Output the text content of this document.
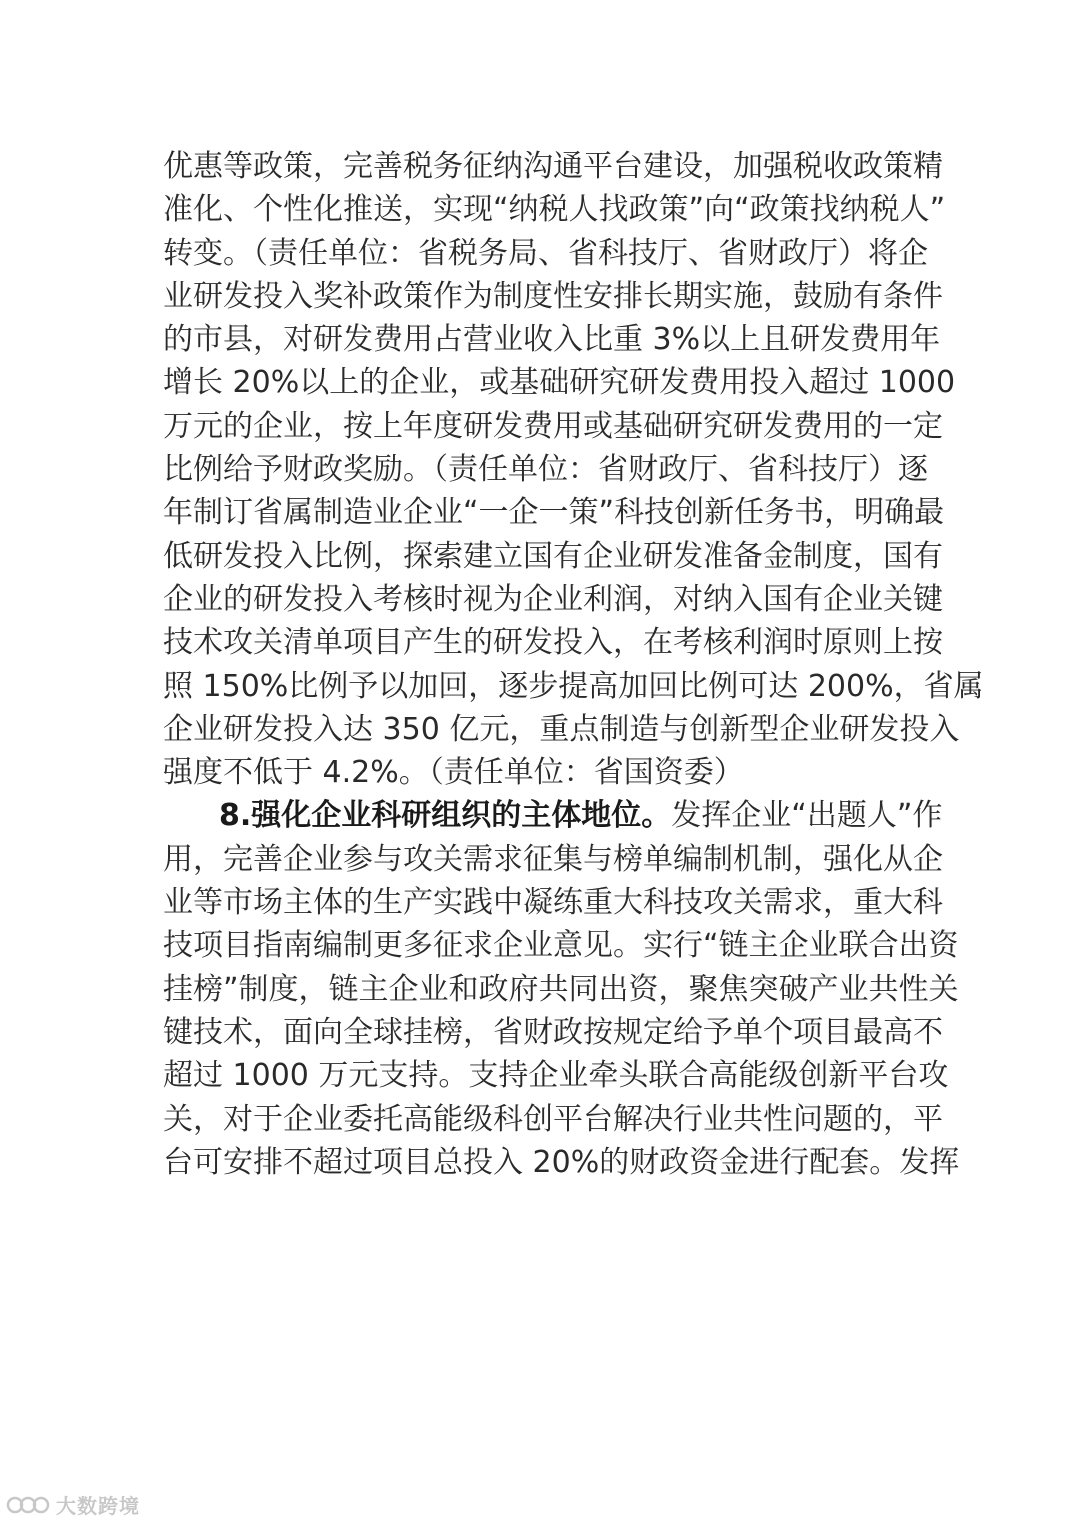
优惠等政策，完善税务征纳沟通平台建设，加强税收政策精
准化、个性化推送，实现“纳税人找政策”向“政策找纳税人”
转变。（责任单位：省税务局、省科技厅、省财政厅）将企
业研发投入奖补政策作为制度性安排长期实施，鼓励有条件
的市县，对研发费用占营业收入比重 3%以上且研发费用年
增长 20%以上的企业，或基础研究研发费用投入超过 1000
万元的企业，按上年度研发费用或基础研究研发费用的一定
比例给予财政奖励。（责任单位：省财政厅、省科技厅）逐
年制订省属制造业企业“一企一策”科技创新任务书，明确最
低研发投入比例，探索建立国有企业研发准备金制度，国有
企业的研发投入考核时视为企业利润，对纳入国有企业关键
技术攻关清单项目产生的研发投入，在考核利润时原则上按
照 150%比例予以加回，逐步提高加回比例可达 200%，省属
企业研发投入达 350 亿元，重点制造与创新型企业研发投入
强度不低于 4.2%。（责任单位：省国资委）
8.强化企业科研组织的主体地位。发挥企业“出题人”作
用，完善企业参与攻关需求征集与榜单编制机制，强化从企
业等市场主体的生产实践中凝练重大科技攻关需求，重大科
技项目指南编制更多征求企业意见。实行“链主企业联合出资
挂榜”制度，链主企业和政府共同出资，聚焦突破产业共性关
键技术，面向全球挂榜，省财政按规定给予单个项目最高不
超过 1000 万元支持。支持企业牵头联合高能级创新平台攻
关，对于企业委托高能级科创平台解决行业共性问题的，平
台可安排不超过项目总投入 20%的财政资金进行配套。发挥
大数跨境
